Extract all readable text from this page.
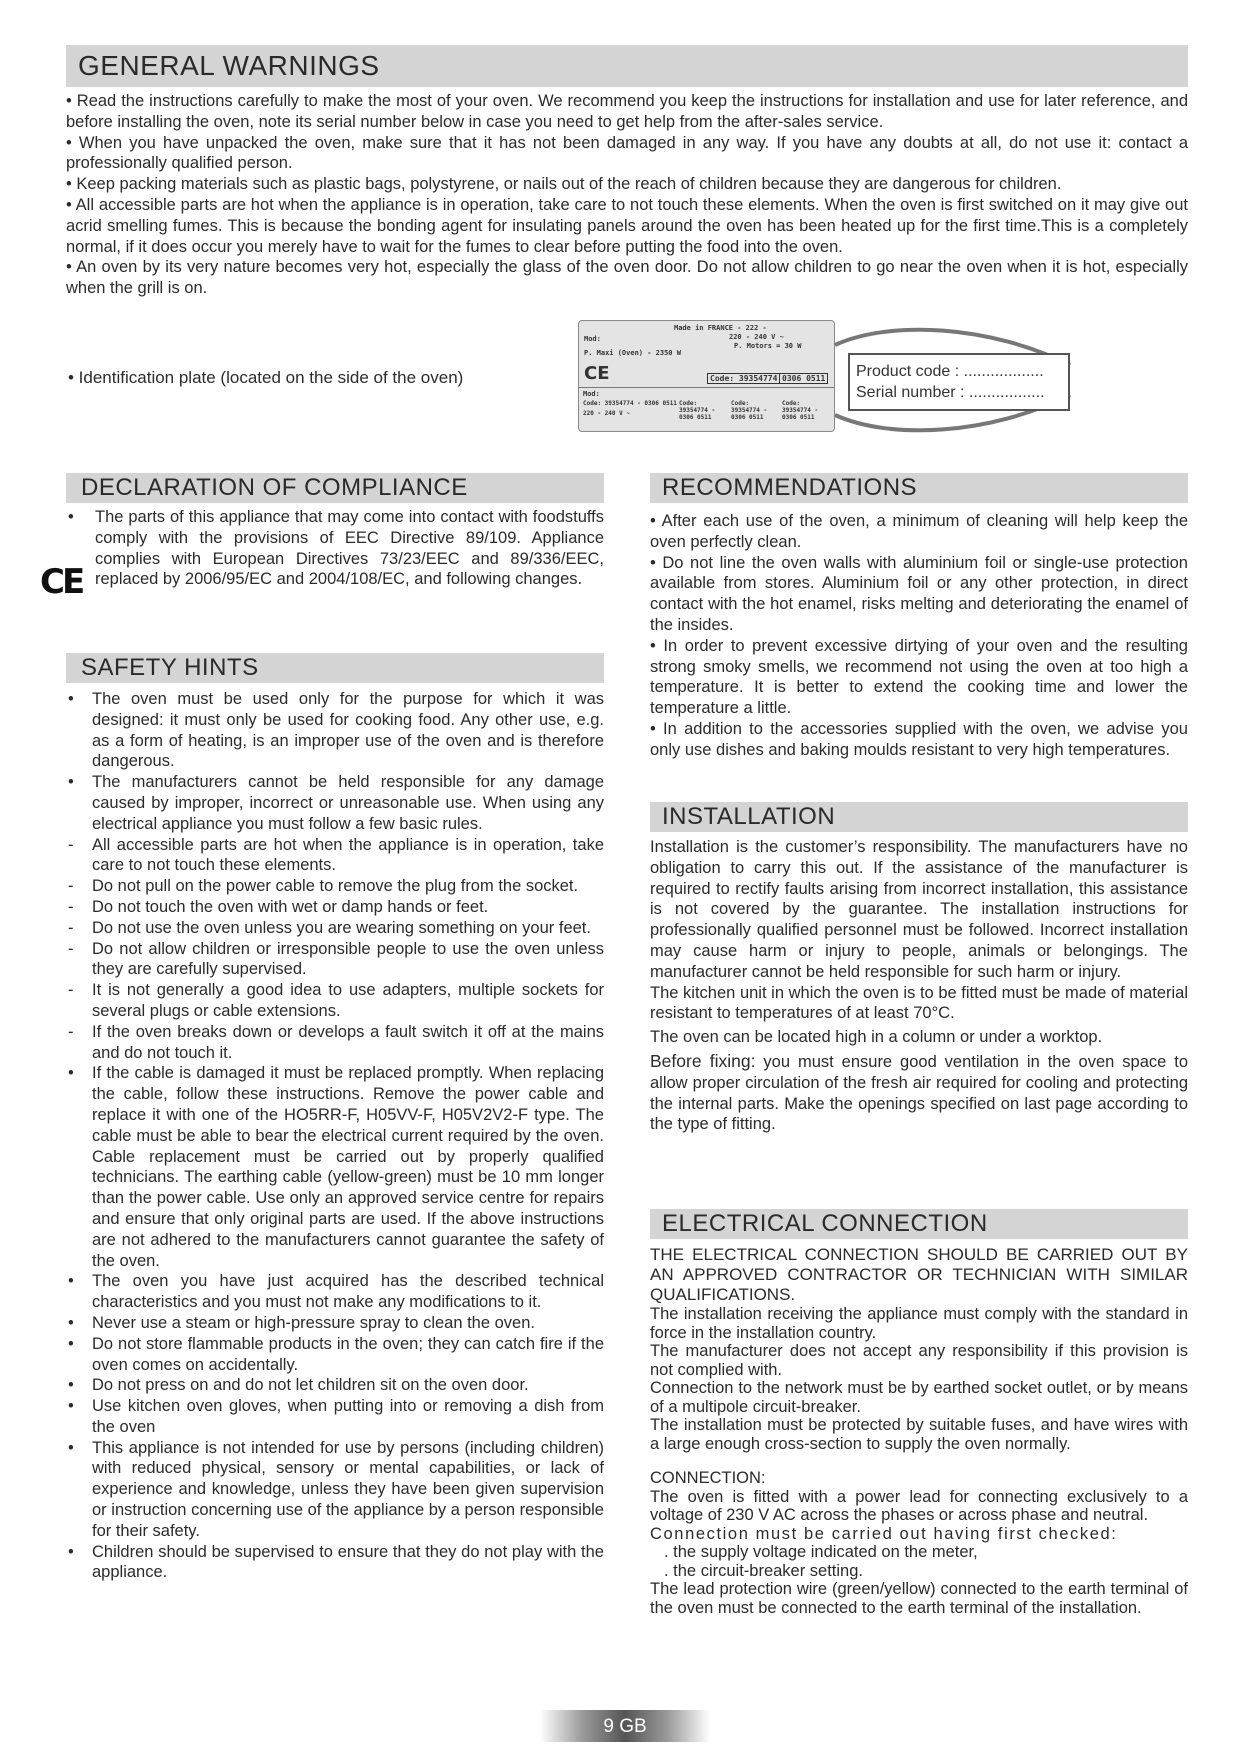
GENERAL WARNINGS

• Read the instructions carefully to make the most of your oven. We recommend you keep the instructions for installation and use for later reference, and before installing the oven, note its serial number below in case you need to get help from the after-sales service.

• When you have unpacked the oven, make sure that it has not been damaged in any way. If you have any doubts at all, do not use it: contact a professionally qualified person.

• Keep packing materials such as plastic bags, polystyrene, or nails out of the reach of children because they are dangerous for children.

• All accessible parts are hot when the appliance is in operation, take care to not touch these elements. When the oven is first switched on it may give out acrid smelling fumes. This is because the bonding agent for insulating panels around the oven has been heated up for the first time.This is a completely normal, if it does occur you merely have to wait for the fumes to clear before putting the food into the oven.

• An oven by its very nature becomes very hot, especially the glass of the oven door. Do not allow children to go near the oven when it is hot, especially when the grill is on.

• Identification plate (located on the side of the oven)
Made in FRANCE - 222 -
Mod:	220 - 240 V ~
P. Motors = 30 W
P. Maxi (Oven) - 2350 W
CE	Code: 39354774 0306 0511
Mod:
Code: 39354774 - 0306 0511
220 - 240 V ~
Code: 39354774 - 0306 0511
Code: 39354774 - 0306 0511
Code: 39354774 - 0306 0511
Product code : ..................
Serial number : .................
DECLARATION OF COMPLIANCE
CE
• The parts of this appliance that may come into contact with foodstuffs comply with the provisions of EEC Directive 89/109. Appliance complies with European Directives 73/23/EEC and 89/336/EEC, replaced by 2006/95/EC and 2004/108/EC, and following changes.
SAFETY HINTS
• The oven must be used only for the purpose for which it was designed: it must only be used for cooking food. Any other use, e.g. as a form of heating, is an improper use of the oven and is therefore dangerous.
• The manufacturers cannot be held responsible for any damage caused by improper, incorrect or unreasonable use. When using any electrical appliance you must follow a few basic rules.
- All accessible parts are hot when the appliance is in operation, take care to not touch these elements.
- Do not pull on the power cable to remove the plug from the socket.
- Do not touch the oven with wet or damp hands or feet.
- Do not use the oven unless you are wearing something on your feet.
- Do not allow children or irresponsible people to use the oven unless they are carefully supervised.
- It is not generally a good idea to use adapters, multiple sockets for several plugs or cable extensions.
- If the oven breaks down or develops a fault switch it off at the mains and do not touch it.
• If the cable is damaged it must be replaced promptly. When replacing the cable, follow these instructions. Remove the power cable and replace it with one of the HO5RR-F, H05VV-F, H05V2V2-F type. The cable must be able to bear the electrical current required by the oven. Cable replacement must be carried out by properly qualified technicians. The earthing cable (yellow-green) must be 10 mm longer than the power cable. Use only an approved service centre for repairs and ensure that only original parts are used. If the above instructions are not adhered to the manufacturers cannot guarantee the safety of the oven.
• The oven you have just acquired has the described technical characteristics and you must not make any modifications to it.
• Never use a steam or high-pressure spray to clean the oven.
• Do not store flammable products in the oven; they can catch fire if the oven comes on accidentally.
• Do not press on and do not let children sit on the oven door.
• Use kitchen oven gloves, when putting into or removing a dish from the oven
• This appliance is not intended for use by persons (including children) with reduced physical, sensory or mental capabilities, or lack of experience and knowledge, unless they have been given supervision or instruction concerning use of the appliance by a person responsible for their safety.
• Children should be supervised to ensure that they do not play with the appliance.
RECOMMENDATIONS

• After each use of the oven, a minimum of cleaning will help keep the oven perfectly clean.

• Do not line the oven walls with aluminium foil or single-use protection available from stores. Aluminium foil or any other protection, in direct contact with the hot enamel, risks melting and deteriorating the enamel of the insides.

• In order to prevent excessive dirtying of your oven and the resulting strong smoky smells, we recommend not using the oven at too high a temperature. It is better to extend the cooking time and lower the temperature a little.

• In addition to the accessories supplied with the oven, we advise you only use dishes and baking moulds resistant to very high temperatures.

INSTALLATION

Installation is the customer’s responsibility. The manufacturers have no obligation to carry this out. If the assistance of the manufacturer is required to rectify faults arising from incorrect installation, this assistance is not covered by the guarantee. The installation instructions for professionally qualified personnel must be followed. Incorrect installation may cause harm or injury to people, animals or belongings. The manufacturer cannot be held responsible for such harm or injury.

The kitchen unit in which the oven is to be fitted must be made of material resistant to temperatures of at least 70°C.

The oven can be located high in a column or under a worktop.

Before fixing: you must ensure good ventilation in the oven space to allow proper circulation of the fresh air required for cooling and protecting the internal parts. Make the openings specified on last page according to the type of fitting.

ELECTRICAL CONNECTION

THE ELECTRICAL CONNECTION SHOULD BE CARRIED OUT BY AN APPROVED CONTRACTOR OR TECHNICIAN WITH SIMILAR QUALIFICATIONS.

The installation receiving the appliance must comply with the standard in force in the installation country.

The manufacturer does not accept any responsibility if this provision is not complied with.

Connection to the network must be by earthed socket outlet, or by means of a multipole circuit-breaker.

The installation must be protected by suitable fuses, and have wires with a large enough cross-section to supply the oven normally.

CONNECTION:

The oven is fitted with a power lead for connecting exclusively to a voltage of 230 V AC across the phases or across phase and neutral.

Connection must be carried out having first checked:

. the supply voltage indicated on the meter,

. the circuit-breaker setting.

The lead protection wire (green/yellow) connected to the earth terminal of the oven must be connected to the earth terminal of the installation.

9 GB
